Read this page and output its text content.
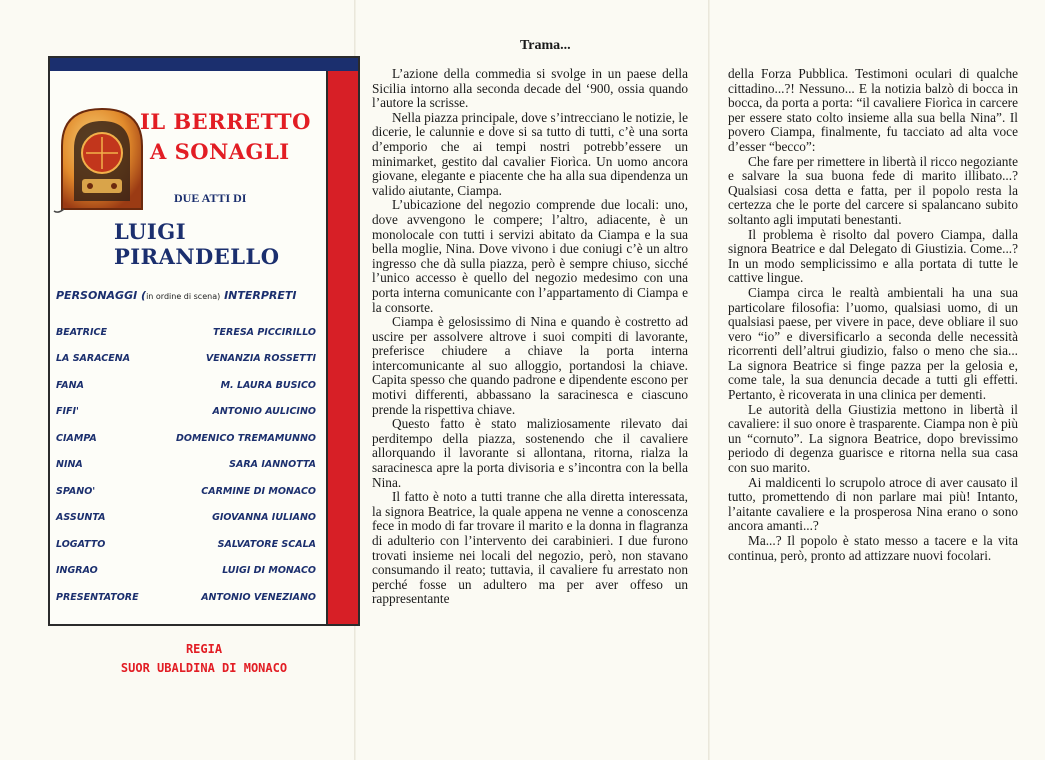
IL BERRETTO
A SONAGLI
DUE ATTI DI
LUIGI PIRANDELLO
PERSONAGGI (in ordine di scena) INTERPRETI
BEATRICE	TERESA PICCIRILLO
LA SARACENA	VENANZIA ROSSETTI
FANA	M. LAURA BUSICO
FIFI'	ANTONIO AULICINO
CIAMPA	DOMENICO TREMAMUNNO
NINA	SARA IANNOTTA
SPANO'	CARMINE DI MONACO
ASSUNTA	GIOVANNA IULIANO
LOGATTO	SALVATORE SCALA
INGRAO	LUIGI DI MONACO
PRESENTATORE	ANTONIO VENEZIANO
REGIA
SUOR UBALDINA DI MONACO
Trama...

L’azione della commedia si svolge in un paese della Sicilia intorno alla seconda decade del ‘900, ossia quando l’autore la scrisse.

Nella piazza principale, dove s’intrecciano le notizie, le dicerie, le calunnie e dove si sa tutto di tutti, c’è una sorta d’emporio che ai tempi nostri potrebb’essere un minimarket, gestito dal cavalier Fiorìca. Un uomo ancora giovane, elegante e piacente che ha alla sua dipendenza un valido aiutante, Ciampa.

L’ubicazione del negozio comprende due locali: uno, dove avvengono le compere; l’altro, adiacente, è un monolocale con tutti i servizi abitato da Ciampa e la sua bella moglie, Nina. Dove vivono i due coniugi c’è un altro ingresso che dà sulla piazza, però è sempre chiuso, sicché l’unico accesso è quello del negozio medesimo con una porta interna comunicante con l’appartamento di Ciampa e la consorte.

Ciampa è gelosissimo di Nina e quando è costretto ad uscire per assolvere altrove i suoi compiti di lavorante, preferisce chiudere a chiave la porta interna intercomunicante al suo alloggio, portandosi la chiave. Capita spesso che quando padrone e dipendente escono per motivi differenti, abbassano la saracinesca e ciascuno prende la rispettiva chiave.

Questo fatto è stato maliziosamente rilevato dai perditempo della piazza, sostenendo che il cavaliere allorquando il lavorante si allontana, ritorna, rialza la saracinesca apre la porta divisoria e s’incontra con la bella Nina.

Il fatto è noto a tutti tranne che alla diretta interessata, la signora Beatrice, la quale appena ne venne a conoscenza fece in modo di far trovare il marito e la donna in flagranza di adulterio con l’intervento dei carabinieri. I due furono trovati insieme nei locali del negozio, però, non stavano consumando il reato; tuttavia, il cavaliere fu arrestato non perché fosse un adultero ma per aver offeso un rappresentante

della Forza Pubblica. Testimoni oculari di qualche cittadino...?! Nessuno... E la notizia balzò di bocca in bocca, da porta a porta: “il cavaliere Fiorìca in carcere per essere stato colto insieme alla sua bella Nina”. Il povero Ciampa, finalmente, fu tacciato ad alta voce d’esser “becco”:

Che fare per rimettere in libertà il ricco negoziante e salvare la sua buona fede di marito illibato...? Qualsiasi cosa detta e fatta, per il popolo resta la certezza che le porte del carcere si spalancano subito soltanto agli imputati benestanti.

Il problema è risolto dal povero Ciampa, dalla signora Beatrice e dal Delegato di Giustizia. Come...? In un modo semplicissimo e alla portata di tutte le cattive lingue.

Ciampa circa le realtà ambientali ha una sua particolare filosofia: l’uomo, qualsiasi uomo, di un qualsiasi paese, per vivere in pace, deve obliare il suo vero “io” e diversificarlo a seconda delle necessità ricorrenti dell’altrui giudizio, falso o meno che sia... La signora Beatrice si finge pazza per la gelosia e, come tale, la sua denuncia decade a tutti gli effetti. Pertanto, è ricoverata in una clinica per dementi.

Le autorità della Giustizia mettono in libertà il cavaliere: il suo onore è trasparente. Ciampa non è più un “cornuto”. La signora Beatrice, dopo brevissimo periodo di degenza guarisce e ritorna nella sua casa con suo marito.

Ai maldicenti lo scrupolo atroce di aver causato il tutto, promettendo di non parlare mai più! Intanto, l’aitante cavaliere e la prosperosa Nina erano o sono ancora amanti...?

Ma...? Il popolo è stato messo a tacere e la vita continua, però, pronto ad attizzare nuovi focolari.
